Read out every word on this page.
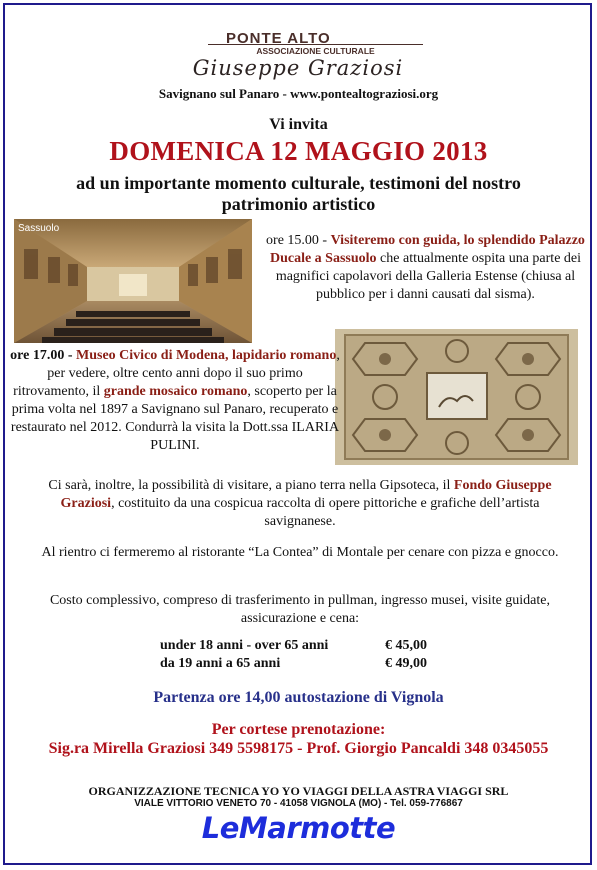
PONTE ALTO
ASSOCIAZIONE CULTURALE
Giuseppe Graziosi
Savignano sul Panaro - www.pontealtograziosi.org
Vi invita
DOMENICA 12 MAGGIO 2013
ad un importante momento culturale, testimoni del nostro
patrimonio artistico
Sassuolo
ore 15.00 - Visiteremo con guida, lo splendido Palazzo Ducale a Sassuolo che attualmente ospita una parte dei magnifici capolavori della Galleria Estense (chiusa al pubblico per i danni causati dal sisma).
ore 17.00 - Museo Civico di Modena, lapidario romano, per vedere, oltre cento anni dopo il suo primo ritrovamento, il grande mosaico romano, scoperto per la prima volta nel 1897 a Savignano sul Panaro, recuperato e restaurato nel 2012. Condurrà la visita la Dott.ssa ILARIA PULINI.
Ci sarà, inoltre, la possibilità di visitare, a piano terra nella Gipsoteca, il Fondo Giuseppe Graziosi, costituito da una cospicua raccolta di opere pittoriche e grafiche dell’artista savignanese.
Al rientro ci fermeremo al ristorante “La Contea” di Montale per cenare con pizza e gnocco.
Costo complessivo, compreso di trasferimento in pullman, ingresso musei, visite guidate, assicurazione e cena:
under 18 anni - over 65 anni	€ 45,00
da 19 anni a 65 anni	€ 49,00
Partenza ore 14,00 autostazione di Vignola
Per cortese prenotazione:
Sig.ra Mirella Graziosi 349 5598175 - Prof. Giorgio Pancaldi 348 0345055
ORGANIZZAZIONE TECNICA YO YO VIAGGI DELLA ASTRA VIAGGI SRL
VIALE VITTORIO VENETO 70 - 41058 VIGNOLA (MO) - Tel. 059-776867
LeMarmotte
